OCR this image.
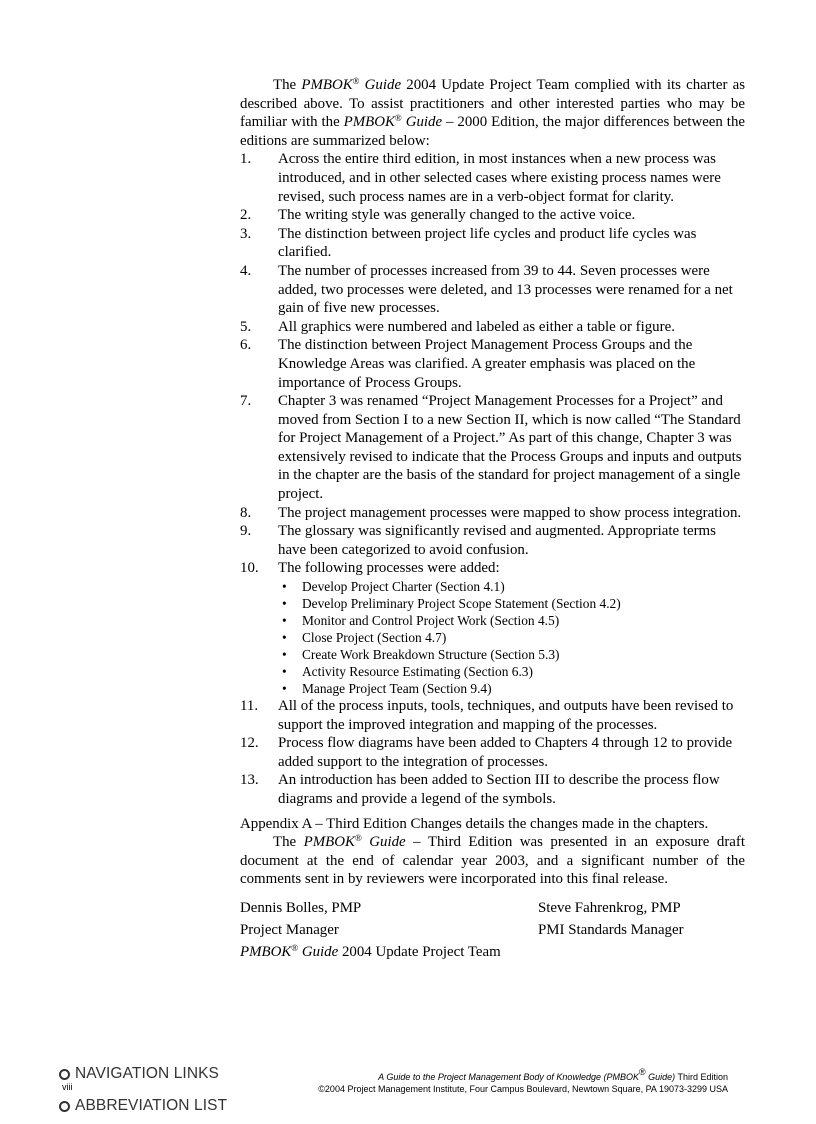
The PMBOK® Guide 2004 Update Project Team complied with its charter as described above. To assist practitioners and other interested parties who may be familiar with the PMBOK® Guide – 2000 Edition, the major differences between the editions are summarized below:

1. Across the entire third edition, in most instances when a new process was introduced, and in other selected cases where existing process names were revised, such process names are in a verb-object format for clarity.
2. The writing style was generally changed to the active voice.
3. The distinction between project life cycles and product life cycles was clarified.
4. The number of processes increased from 39 to 44. Seven processes were added, two processes were deleted, and 13 processes were renamed for a net gain of five new processes.
5. All graphics were numbered and labeled as either a table or figure.
6. The distinction between Project Management Process Groups and the Knowledge Areas was clarified. A greater emphasis was placed on the importance of Process Groups.
7. Chapter 3 was renamed “Project Management Processes for a Project” and moved from Section I to a new Section II, which is now called “The Standard for Project Management of a Project.” As part of this change, Chapter 3 was extensively revised to indicate that the Process Groups and inputs and outputs in the chapter are the basis of the standard for project management of a single project.
8. The project management processes were mapped to show process integration.
9. The glossary was significantly revised and augmented. Appropriate terms have been categorized to avoid confusion.
10. The following processes were added:
• Develop Project Charter (Section 4.1)
• Develop Preliminary Project Scope Statement (Section 4.2)
• Monitor and Control Project Work (Section 4.5)
• Close Project (Section 4.7)
• Create Work Breakdown Structure (Section 5.3)
• Activity Resource Estimating (Section 6.3)
• Manage Project Team (Section 9.4)
11. All of the process inputs, tools, techniques, and outputs have been revised to support the improved integration and mapping of the processes.
12. Process flow diagrams have been added to Chapters 4 through 12 to provide added support to the integration of processes.
13. An introduction has been added to Section III to describe the process flow diagrams and provide a legend of the symbols.

Appendix A – Third Edition Changes details the changes made in the chapters.

The PMBOK® Guide – Third Edition was presented in an exposure draft document at the end of calendar year 2003, and a significant number of the comments sent in by reviewers were incorporated into this final release.

Dennis Bolles, PMP
Project Manager
PMBOK® Guide 2004 Update Project Team
Steve Fahrenkrog, PMP
PMI Standards Manager
NAVIGATION LINKS
viii
ABBREVIATION LIST
A Guide to the Project Management Body of Knowledge (PMBOK® Guide) Third Edition
©2004 Project Management Institute, Four Campus Boulevard, Newtown Square, PA 19073-3299 USA
